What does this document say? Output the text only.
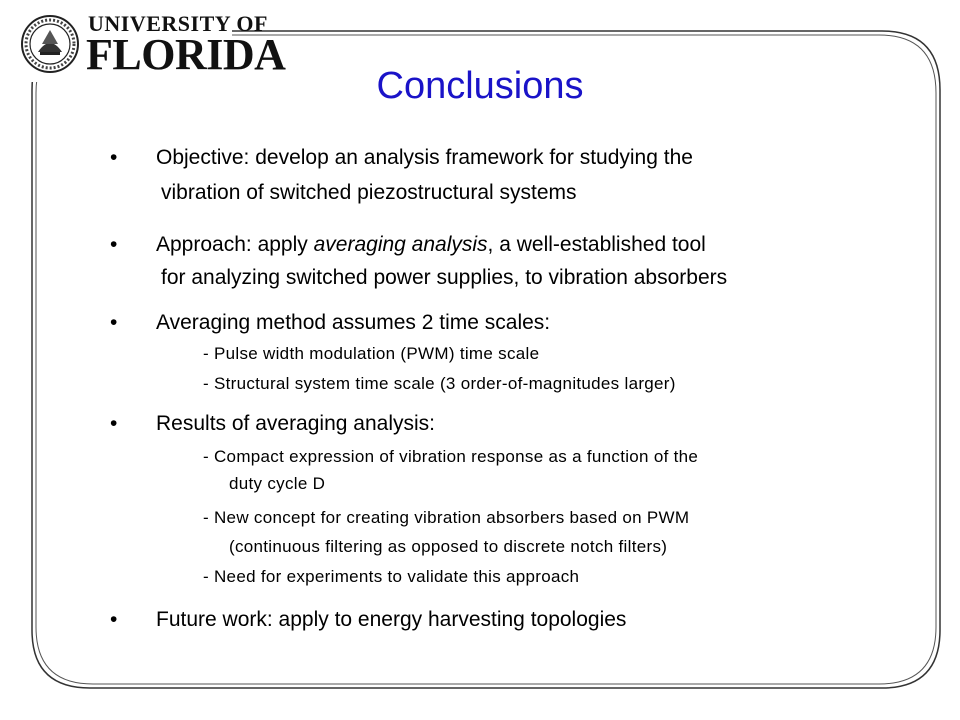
UNIVERSITY OF
FLORIDA
Conclusions
• Objective: develop an analysis framework for studying the
vibration of switched piezostructural systems
• Approach: apply averaging analysis, a well-established tool
for analyzing switched power supplies, to vibration absorbers
• Averaging method assumes 2 time scales:
- Pulse width modulation (PWM) time scale
- Structural system time scale (3 order-of-magnitudes larger)
• Results of averaging analysis:
- Compact expression of vibration response as a function of the
duty cycle D
- New concept for creating vibration absorbers based on PWM
(continuous filtering as opposed to discrete notch filters)
- Need for experiments to validate this approach
• Future work: apply to energy harvesting topologies
